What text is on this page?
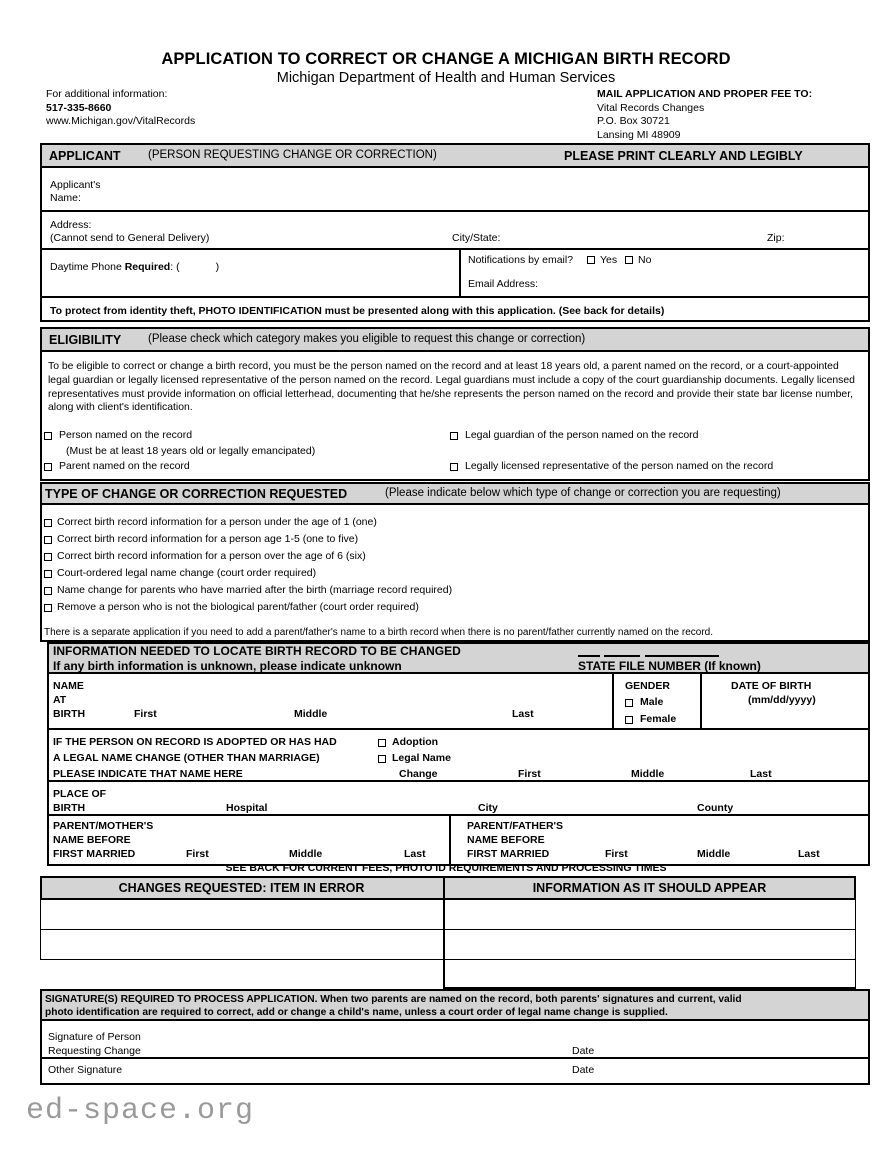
APPLICATION TO CORRECT OR CHANGE A MICHIGAN BIRTH RECORD
Michigan Department of Health and Human Services
For additional information:
517-335-8660
www.Michigan.gov/VitalRecords
MAIL APPLICATION AND PROPER FEE TO:
Vital Records Changes
P.O. Box 30721
Lansing MI 48909
APPLICANT (PERSON REQUESTING CHANGE OR CORRECTION)	PLEASE PRINT CLEARLY AND LEGIBLY
Applicant's
Name:
Address:
(Cannot send to General Delivery)	City/State:	Zip:
Daytime Phone Required: (	)
Notifications by email?	Yes No
Email Address:
To protect from identity theft, PHOTO IDENTIFICATION must be presented along with this application. (See back for details)
ELIGIBILITY (Please check which category makes you eligible to request this change or correction)
To be eligible to correct or change a birth record, you must be the person named on the record and at least 18 years old, a parent named on the record, or a court-appointed legal guardian or legally licensed representative of the person named on the record. Legal guardians must include a copy of the court guardianship documents. Legally licensed representatives must provide information on official letterhead, documenting that he/she represents the person named on the record and provide their state bar license number, along with client's identification.
Person named on the record
(Must be at least 18 years old or legally emancipated)
Parent named on the record
Legal guardian of the person named on the record
Legally licensed representative of the person named on the record
TYPE OF CHANGE OR CORRECTION REQUESTED	(Please indicate below which type of change or correction you are requesting)
Correct birth record information for a person under the age of 1 (one)
Correct birth record information for a person age 1-5 (one to five)
Correct birth record information for a person over the age of 6 (six)
Court-ordered legal name change (court order required)
Name change for parents who have married after the birth (marriage record required)
Remove a person who is not the biological parent/father (court order required)
There is a separate application if you need to add a parent/father's name to a birth record when there is no parent/father currently named on the record.
INFORMATION NEEDED TO LOCATE BIRTH RECORD TO BE CHANGED
If any birth information is unknown, please indicate unknown	STATE FILE NUMBER (If known)
NAME
AT
BIRTH	First	Middle	Last
GENDER
Male
Female
DATE OF BIRTH
(mm/dd/yyyy)
IF THE PERSON ON RECORD IS ADOPTED OR HAS HAD
A LEGAL NAME CHANGE (OTHER THAN MARRIAGE)
PLEASE INDICATE THAT NAME HERE
Adoption
Legal Name
Change	First	Middle	Last
PLACE OF
BIRTH	Hospital	City	County
PARENT/MOTHER'S
NAME BEFORE
FIRST MARRIED	First	Middle	Last
PARENT/FATHER'S
NAME BEFORE
FIRST MARRIED	First	Middle	Last
SEE BACK FOR CURRENT FEES, PHOTO ID REQUIREMENTS AND PROCESSING TIMES
CHANGES REQUESTED: ITEM IN ERROR	INFORMATION AS IT SHOULD APPEAR
SIGNATURE(S) REQUIRED TO PROCESS APPLICATION. When two parents are named on the record, both parents' signatures and current, valid
photo identification are required to correct, add or change a child's name, unless a court order of legal name change is supplied.
Signature of Person
Requesting Change	Date
Other Signature	Date
ed-space.org
